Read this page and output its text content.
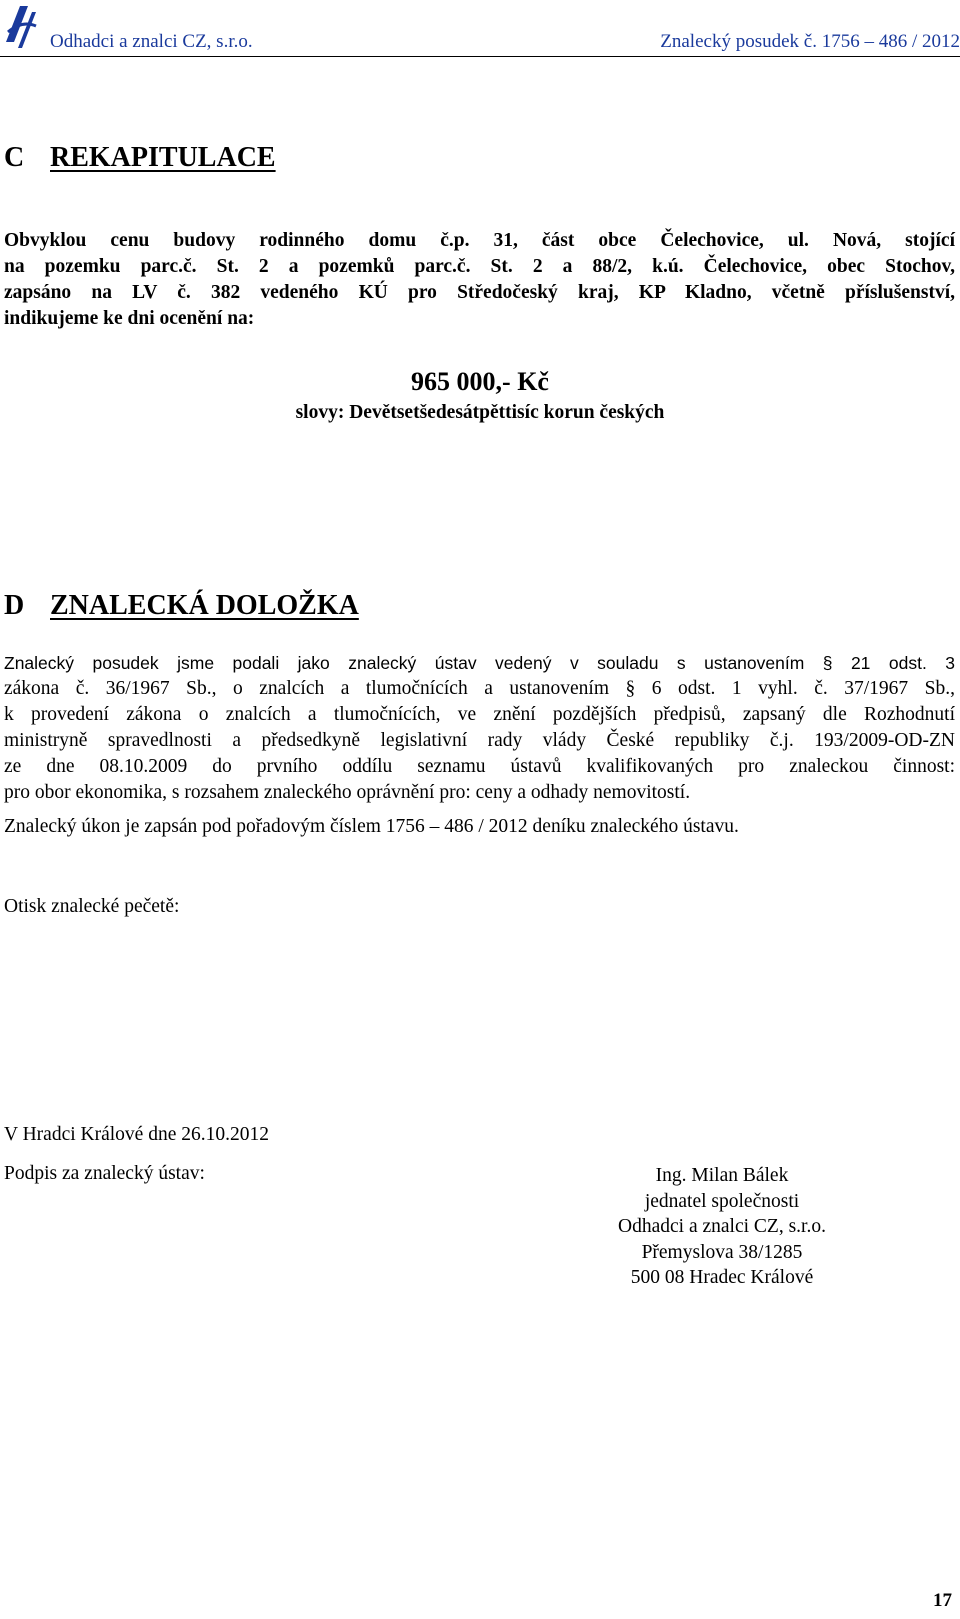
Odhadci a znalci CZ, s.r.o.	Znalecký posudek č. 1756 – 486 / 2012
C REKAPITULACE
Obvyklou cenu budovy rodinného domu č.p. 31, část obce Čelechovice, ul. Nová, stojící
na pozemku parc.č. St. 2 a pozemků parc.č. St. 2 a 88/2, k.ú. Čelechovice, obec Stochov,
zapsáno na LV č. 382 vedeného KÚ pro Středočeský kraj, KP Kladno, včetně příslušenství,
indikujeme ke dni ocenění na:
965 000,- Kč
slovy: Devětsetšedesátpěttisíc korun českých
D ZNALECKÁ DOLOŽKA
Znalecký posudek jsme podali jako znalecký ústav vedený v souladu s ustanovením § 21 odst. 3
zákona č. 36/1967 Sb., o znalcích a tlumočnících a ustanovením § 6 odst. 1 vyhl. č. 37/1967 Sb.,
k provedení zákona o znalcích a tlumočnících, ve znění pozdějších předpisů, zapsaný dle Rozhodnutí
ministryně spravedlnosti a předsedkyně legislativní rady vlády České republiky č.j. 193/2009-OD-ZN
ze dne 08.10.2009 do prvního oddílu seznamu ústavů kvalifikovaných pro znaleckou činnost:
pro obor ekonomika, s rozsahem znaleckého oprávnění pro: ceny a odhady nemovitostí.
Znalecký úkon je zapsán pod pořadovým číslem 1756 – 486 / 2012 deníku znaleckého ústavu.
Otisk znalecké pečetě:
V Hradci Králové dne 26.10.2012
Podpis za znalecký ústav:	Ing. Milan Bálek
jednatel společnosti
Odhadci a znalci CZ, s.r.o.
Přemyslova 38/1285
500 08 Hradec Králové
17
